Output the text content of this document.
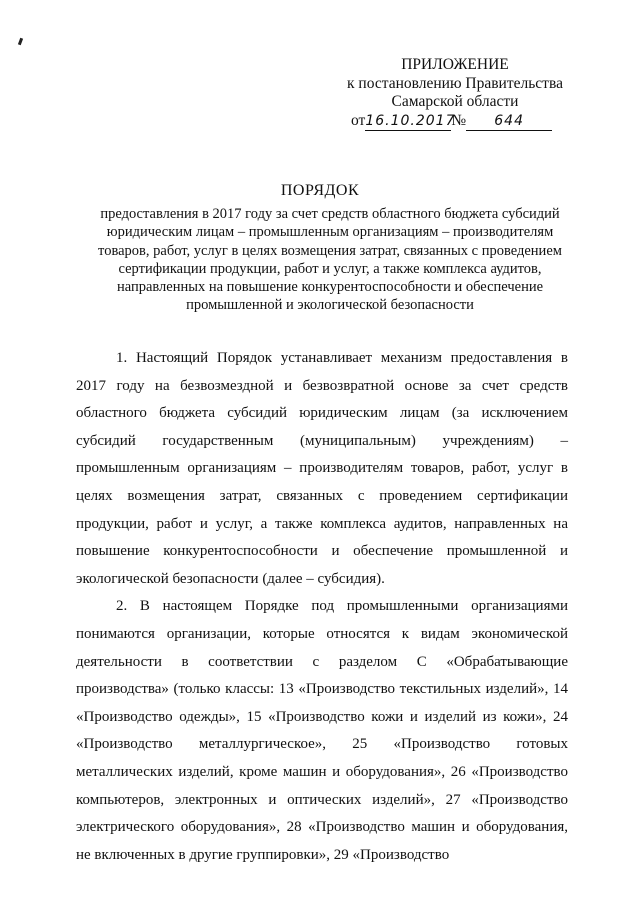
ПРИЛОЖЕНИЕ
к постановлению Правительства
Самарской области
от16.10.2017№ 644
ПОРЯДОК
предоставления в 2017 году за счет средств областного бюджета субсидий
юридическим лицам – промышленным организациям – производителям
товаров, работ, услуг в целях возмещения затрат, связанных с проведением
сертификации продукции, работ и услуг, а также комплекса аудитов,
направленных на повышение конкурентоспособности и обеспечение
промышленной и экологической безопасности

1. Настоящий Порядок устанавливает механизм предоставления в 2017 году на безвозмездной и безвозвратной основе за счет средств областного бюджета субсидий юридическим лицам (за исключением субсидий государственным (муниципальным) учреждениям) – промышленным организациям – производителям товаров, работ, услуг в целях возмещения затрат, связанных с проведением сертификации продукции, работ и услуг, а также комплекса аудитов, направленных на повышение конкурентоспособности и обеспечение промышленной и экологической безопасности (далее – субсидия).

2. В настоящем Порядке под промышленными организациями понимаются организации, которые относятся к видам экономической деятельности в соответствии с разделом С «Обрабатывающие производства» (только классы: 13 «Производство текстильных изделий», 14 «Производство одежды», 15 «Производство кожи и изделий из кожи», 24 «Производство металлургическое», 25 «Производство готовых металлических изделий, кроме машин и оборудования», 26 «Производство компьютеров, электронных и оптических изделий», 27 «Производство электрического оборудования», 28 «Производство машин и оборудования, не включенных в другие группировки», 29 «Производство
